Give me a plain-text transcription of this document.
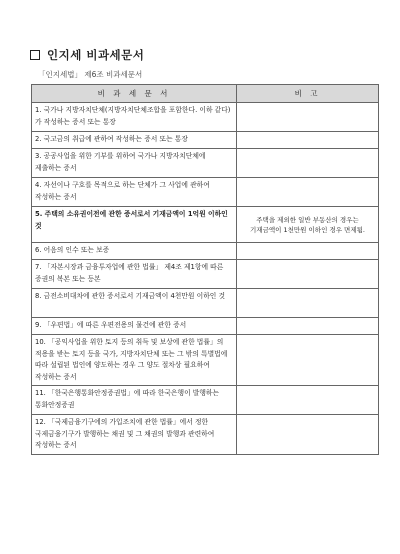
인지세 비과세문서
「인지세법」 제6조 비과세문서
비 과 세 문 서	비 고
1. 국가나 지방자치단체(지방자치단체조합을 포함한다. 이하 같다)가 작성하는 증서 또는 통장	
2. 국고금의 취급에 관하여 작성하는 증서 또는 통장	
3. 공공사업을 위한 기부를 위하여 국가나 지방자치단체에 제출하는 증서	
4. 자선이나 구호를 목적으로 하는 단체가 그 사업에 관하여 작성하는 증서	
5. 주택의 소유권이전에 관한 증서로서 기재금액이 1억원 이하인 것	주택을 제외한 일반 부동산의 경우는 기재금액이 1천만원 이하인 경우 면제됨.
6. 어음의 인수 또는 보증	
7. 「자본시장과 금융투자업에 관한 법률」 제4조 제1항에 따른 증권의 복본 또는 등본	
8. 금전소비대차에 관한 증서로서 기재금액이 4천만원 이하인 것	
9. 「우편법」에 따른 우편전용의 물건에 관한 증서	
10. 「공익사업을 위한 토지 등의 취득 및 보상에 관한 법률」의 적용을 받는 토지 등을 국가, 지방자치단체 또는 그 밖의 특별법에 따라 설립된 법인에 양도하는 경우 그 양도 절차상 필요하여 작성하는 증서	
11. 「한국은행통화안정증권법」에 따라 한국은행이 발행하는 통화안정증권	
12. 「국제금융기구에의 가입조치에 관한 법률」에서 정한 국제금융기구가 발행하는 채권 및 그 채권의 발행과 관련하여 작성하는 증서	
